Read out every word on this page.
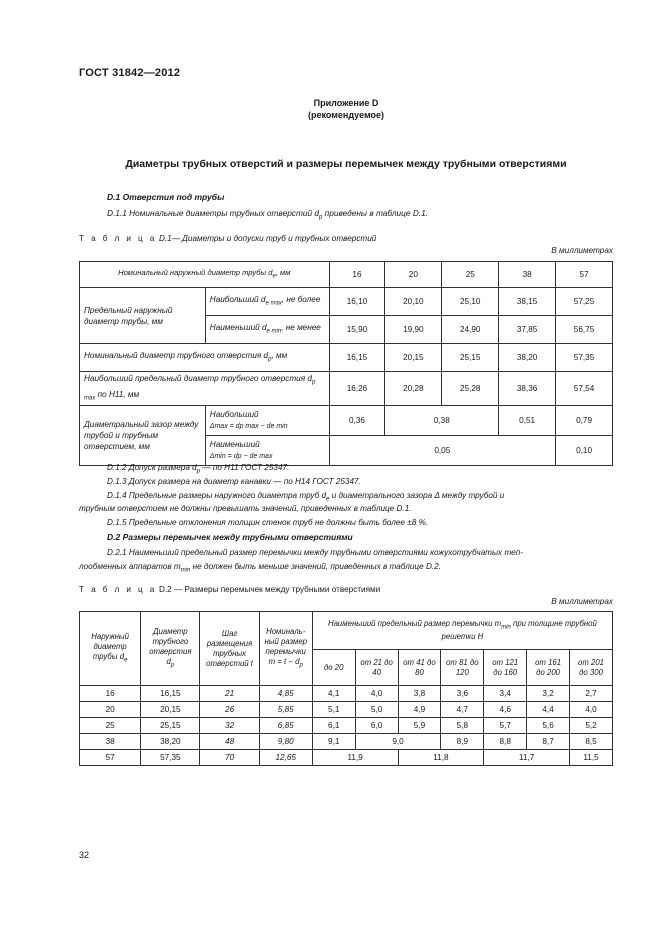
ГОСТ 31842—2012
Приложение D
(рекомендуемое)
Диаметры трубных отверстий и размеры перемычек между трубными отверстиями
D.1 Отверстия под трубы
D.1.1 Номинальные диаметры трубных отверстий $d_p$ приведены в таблице D.1.
Т а б л и ц а D.1— Диаметры и допуски труб и трубных отверстий
В миллиметрах
Номинальный наружный диаметр трубы $d_e$, мм		16	20	25	38	57
Предельный наружный диаметр трубы, мм	Наибольший $d_{e max}$, не более	16,10	20,10	25,10	38,15	57,25
	Наименьший $d_{e min}$, не менее	15,90	19,90	24,90	37,85	56,75
Номинальный диаметр трубного отверстия $d_p$, мм		16,15	20,15	25,15	38,20	57,35
Наибольший предельный диаметр трубного отверстия $d_{p max}$ по Н11, мм		16,26	20,28	25,28	38,36	57,54
Диаметральный зазор между трубой и трубным отверстием, мм	Наибольший
Δmax = dp max − de min	0,36	0,38		0,51	0,79
	Наименьший
Δmin = dp − de max	0,05				0,10
D.1.2 Допуск размера $d_p$ — по Н11 ГОСТ 25347.
D.1.3 Допуск размера на диаметр канавки — по Н14 ГОСТ 25347.
D.1.4 Предельные размеры наружного диаметра труб $d_e$ и диаметрального зазора Δ между трубой и
трубным отверстием не должны превышать значений, приведенных в таблице D.1.
D.1.5 Предельные отклонения толщин стенок труб не должны быть более ±8 %.
D.2 Размеры перемычек между трубными отверстиями
D.2.1 Наименьший предельный размер перемычки между трубными отверстиями кожухотрубчатых теп-
лообменных аппаратов $m_{min}$ не должен быть меньше значений, приведенных в таблице D.2.
Т а б л и ц а D.2 — Размеры перемычек между трубными отверстиями
В миллиметрах
Наружный диаметр трубы $d_e$	Диаметр трубного отверстия $d_p$	Шаг размещения трубных отверстий t	Номиналь-ный размер перемычки $m = t - d_p$	Наименьший предельный размер перемычки $m_{min}$ при толщине трубной решетки H						
				до 20	от 21 до 40	от 41 до 80	от 81 до 120	от 121 до 160	от 161 до 200	от 201 до 300
16	16,15	21	4,85	4,1	4,0	3,8	3,6	3,4	3,2	2,7
20	20,15	26	5,85	5,1	5,0	4,9	4,7	4,6	4,4	4,0
25	25,15	32	6,85	6,1	6,0	5,9	5,8	5,7	5,6	5,2
38	38,20	48	9,80	9,1	9,0		8,9	8,8	8,7	8,5
57	57,35	70	12,65	11,9		11,8		11,7		11,5
32
